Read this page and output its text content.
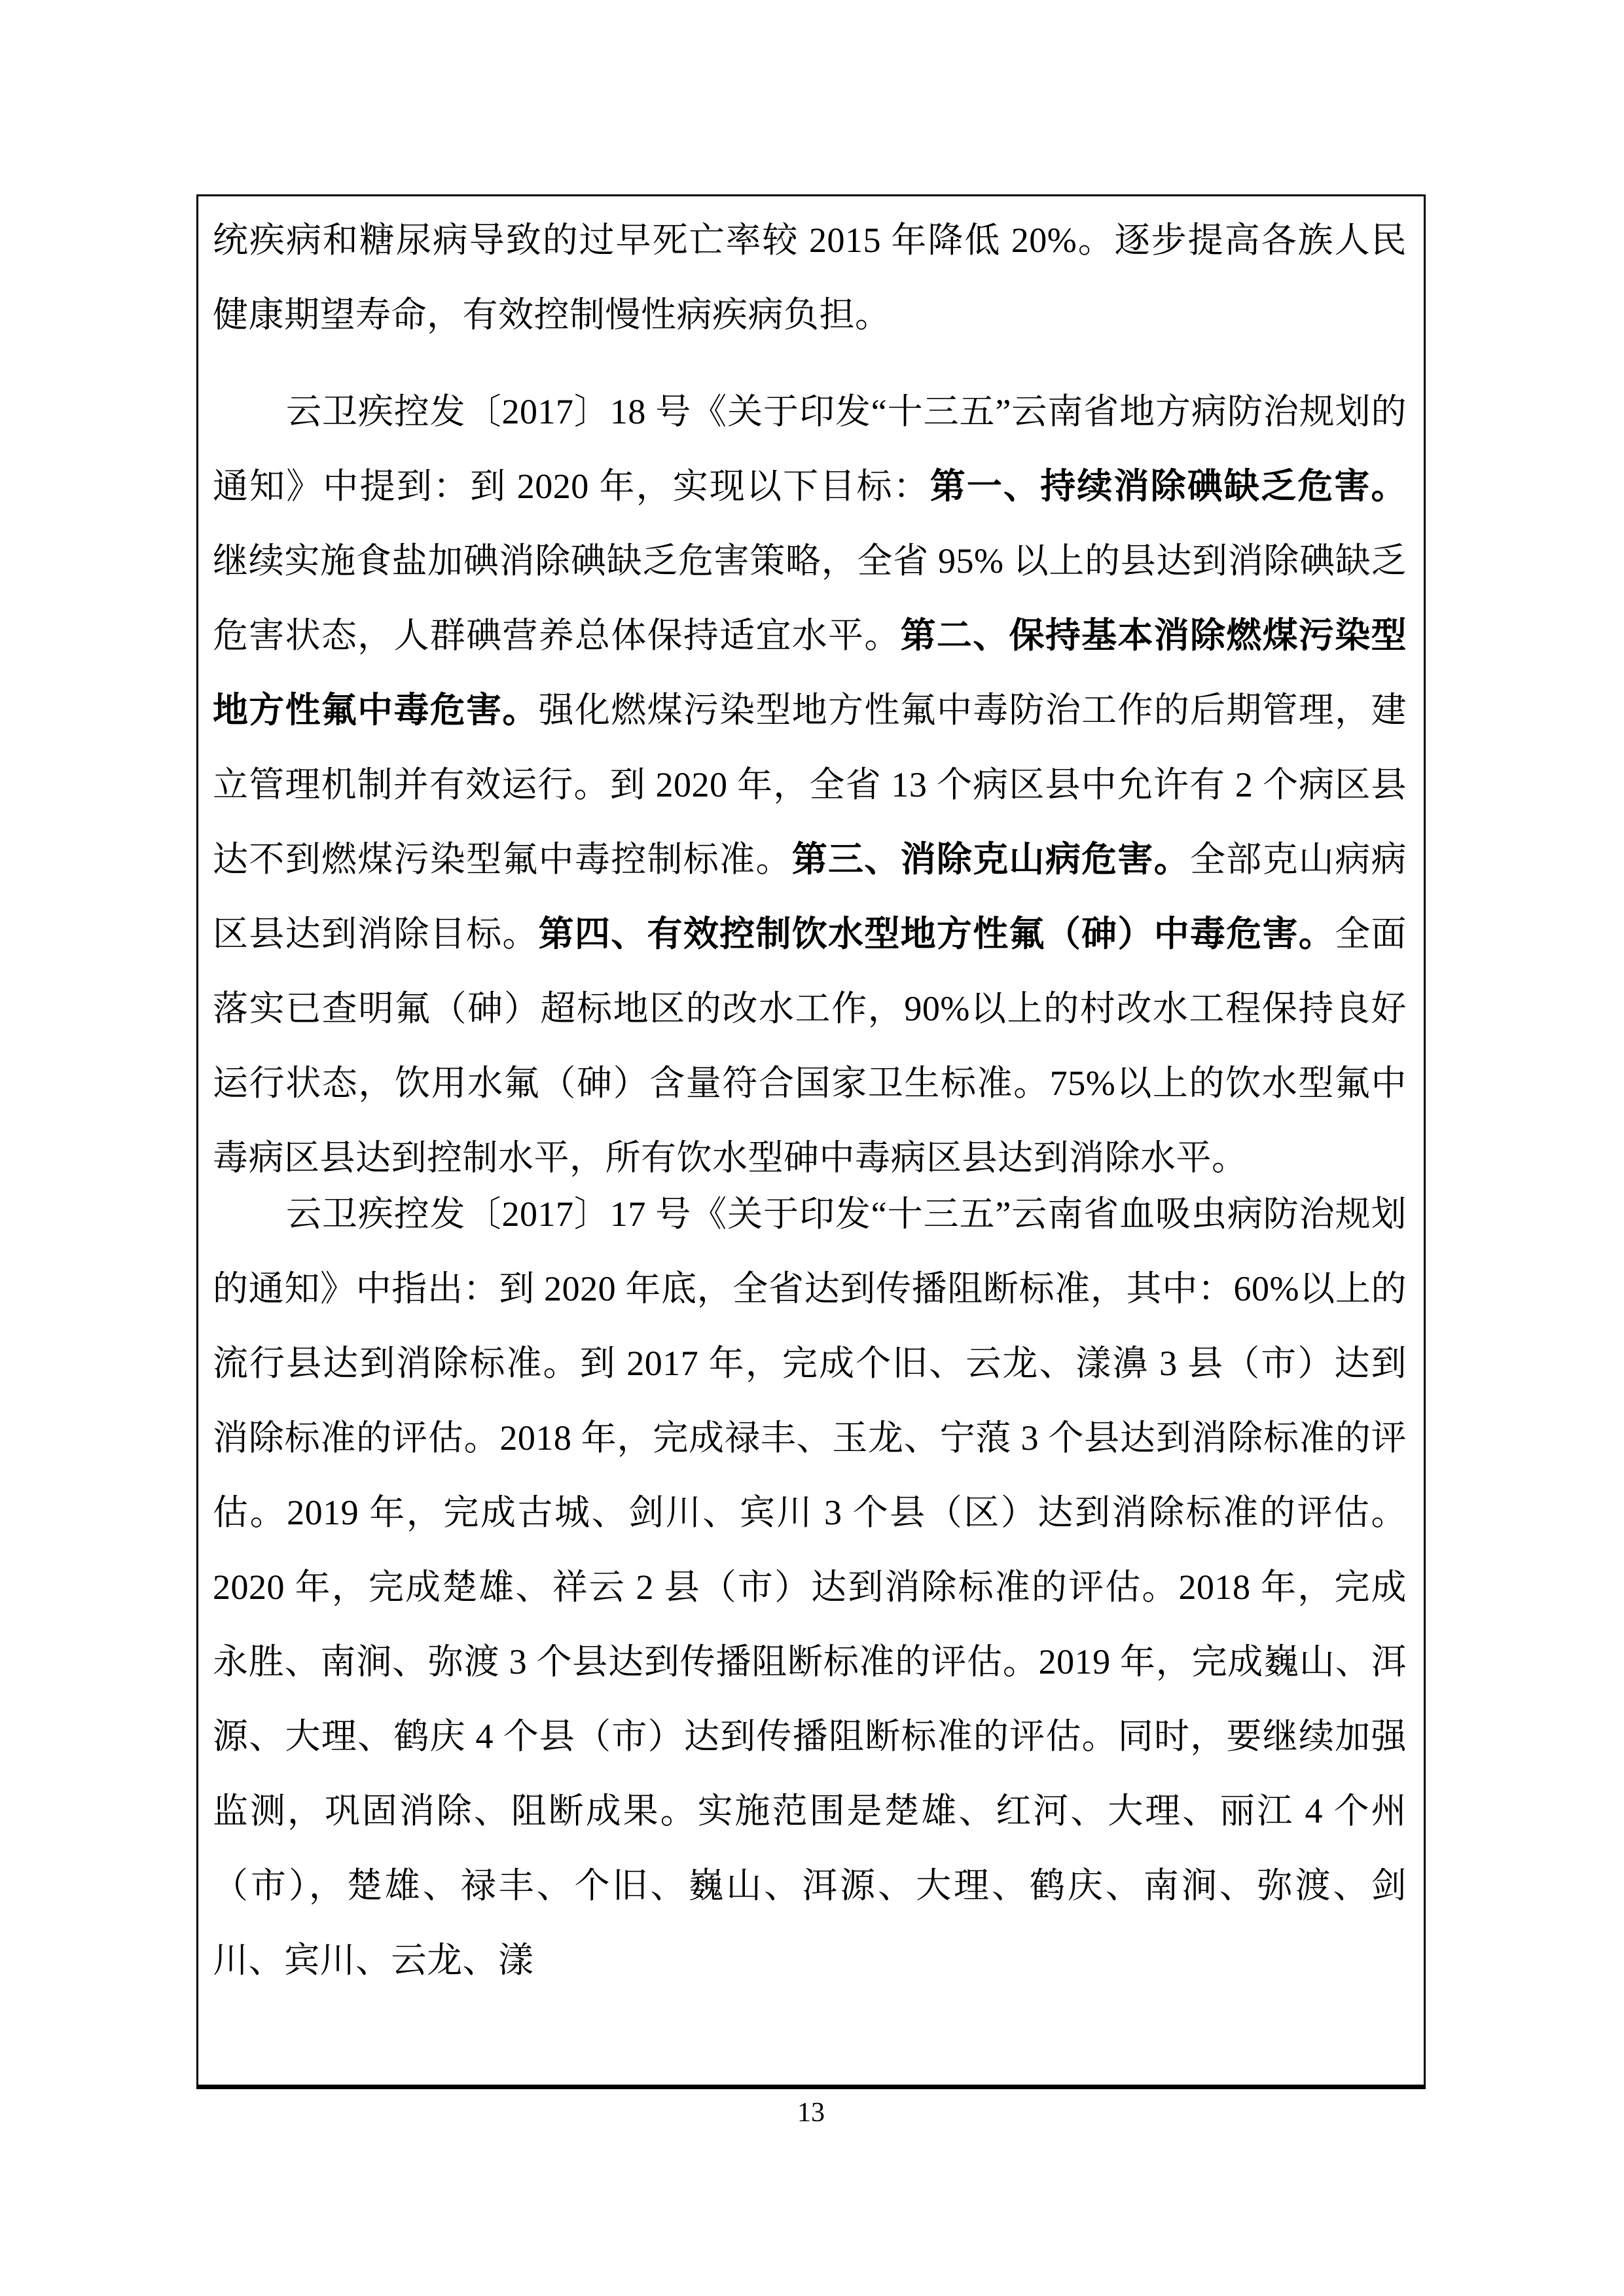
统疾病和糖尿病导致的过早死亡率较 2015 年降低 20%。逐步提高各族人民健康期望寿命，有效控制慢性病疾病负担。

云卫疾控发〔2017〕18 号《关于印发“十三五”云南省地方病防治规划的通知》中提到：到 2020 年，实现以下目标：第一、持续消除碘缺乏危害。继续实施食盐加碘消除碘缺乏危害策略，全省 95% 以上的县达到消除碘缺乏危害状态，人群碘营养总体保持适宜水平。第二、保持基本消除燃煤污染型地方性氟中毒危害。强化燃煤污染型地方性氟中毒防治工作的后期管理，建立管理机制并有效运行。到 2020 年，全省 13 个病区县中允许有 2 个病区县达不到燃煤污染型氟中毒控制标准。第三、消除克山病危害。全部克山病病区县达到消除目标。第四、有效控制饮水型地方性氟（砷）中毒危害。全面落实已查明氟（砷）超标地区的改水工作，90%以上的村改水工程保持良好运行状态，饮用水氟（砷）含量符合国家卫生标准。75%以上的饮水型氟中毒病区县达到控制水平，所有饮水型砷中毒病区县达到消除水平。

云卫疾控发〔2017〕17 号《关于印发“十三五”云南省血吸虫病防治规划的通知》中指出：到 2020 年底，全省达到传播阻断标准，其中：60%以上的流行县达到消除标准。到 2017 年，完成个旧、云龙、漾濞 3 县（市）达到消除标准的评估。2018 年，完成禄丰、玉龙、宁蒗 3 个县达到消除标准的评估。2019 年，完成古城、剑川、宾川 3 个县（区）达到消除标准的评估。2020 年，完成楚雄、祥云 2 县（市）达到消除标准的评估。2018 年，完成永胜、南涧、弥渡 3 个县达到传播阻断标准的评估。2019 年，完成巍山、洱源、大理、鹤庆 4 个县（市）达到传播阻断标准的评估。同时，要继续加强监测，巩固消除、阻断成果。实施范围是楚雄、红河、大理、丽江 4 个州（市），楚雄、禄丰、个旧、巍山、洱源、大理、鹤庆、南涧、弥渡、剑川、宾川、云龙、漾

13
